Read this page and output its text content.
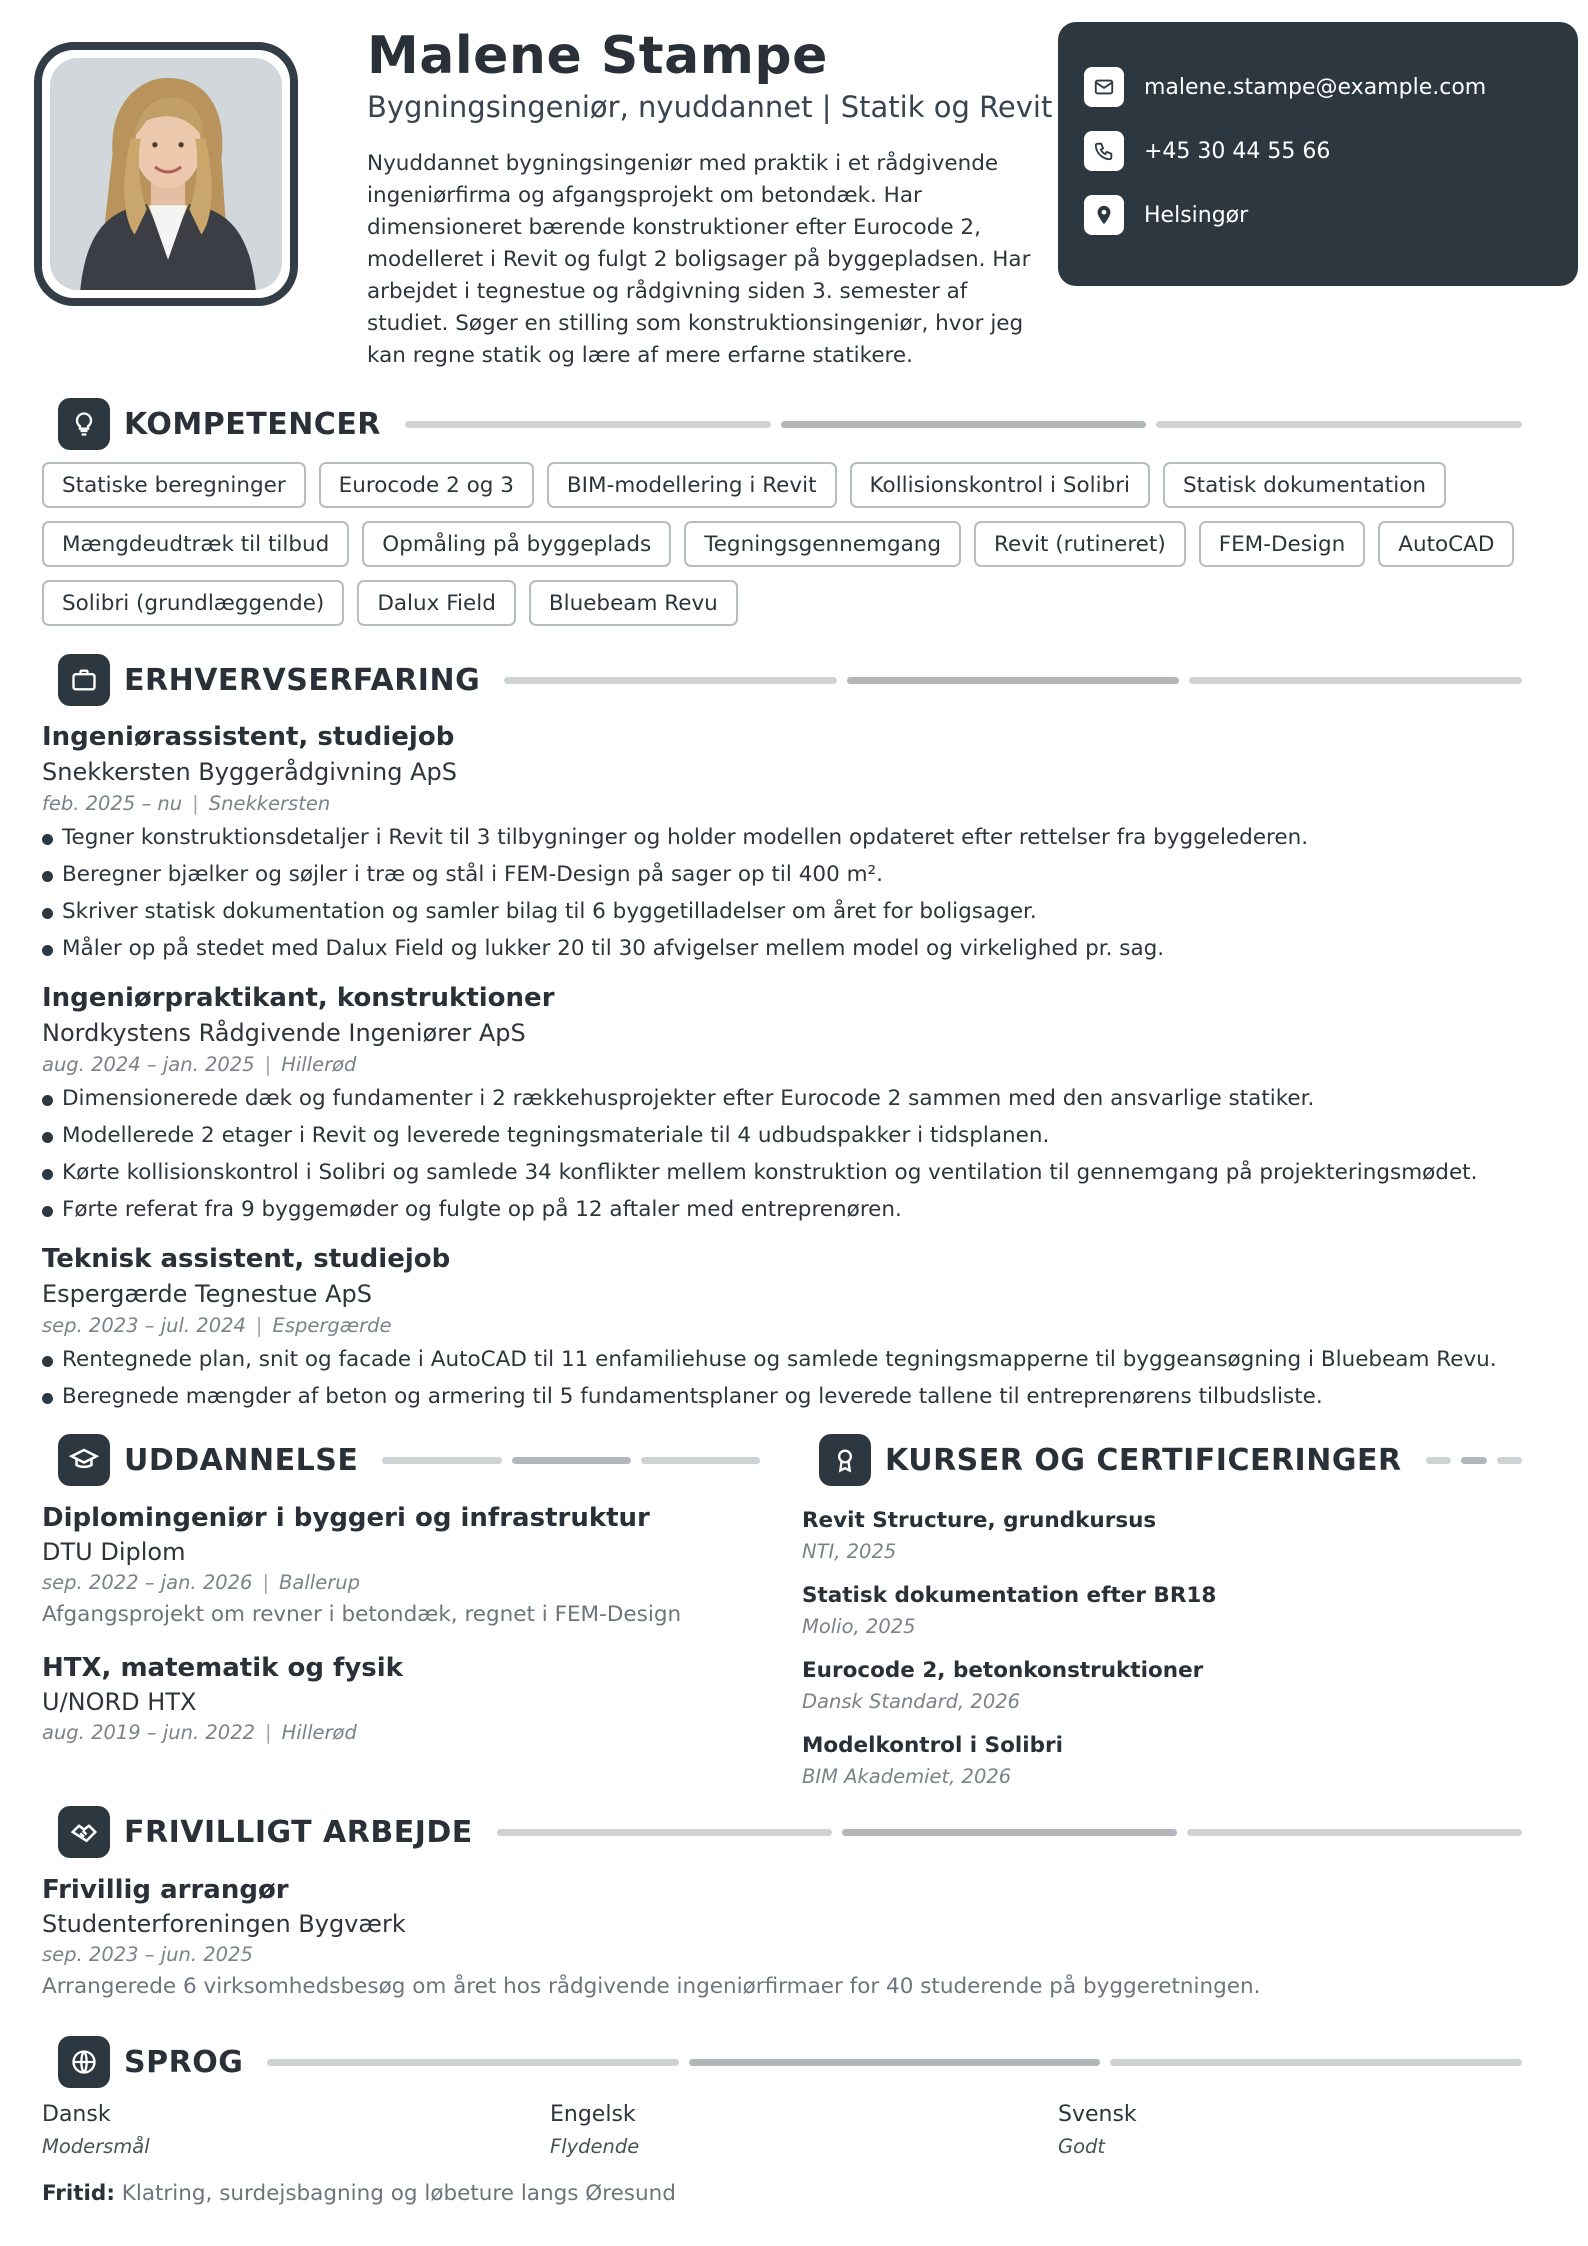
Malene Stampe
Bygningsingeniør, nyuddannet | Statik og Revit
Nyuddannet bygningsingeniør med praktik i et rådgivende ingeniørfirma og afgangsprojekt om betondæk. Har dimensioneret bærende konstruktioner efter Eurocode 2, modelleret i Revit og fulgt 2 boligsager på byggepladsen. Har arbejdet i tegnestue og rådgivning siden 3. semester af studiet. Søger en stilling som konstruktionsingeniør, hvor jeg kan regne statik og lære af mere erfarne statikere.
malene.stampe@example.com
+45 30 44 55 66
Helsingør
KOMPETENCER
Statiske beregninger	Eurocode 2 og 3	BIM-modellering i Revit	Kollisionskontrol i Solibri	Statisk dokumentation
Mængdeudtræk til tilbud	Opmåling på byggeplads	Tegningsgennemgang	Revit (rutineret)	FEM-Design	AutoCAD
Solibri (grundlæggende)	Dalux Field	Bluebeam Revu
ERHVERVSERFARING
Ingeniørassistent, studiejob
Snekkersten Byggerådgivning ApS
feb. 2025 – nu | Snekkersten
Tegner konstruktionsdetaljer i Revit til 3 tilbygninger og holder modellen opdateret efter rettelser fra byggelederen.
Beregner bjælker og søjler i træ og stål i FEM-Design på sager op til 400 m².
Skriver statisk dokumentation og samler bilag til 6 byggetilladelser om året for boligsager.
Måler op på stedet med Dalux Field og lukker 20 til 30 afvigelser mellem model og virkelighed pr. sag.
Ingeniørpraktikant, konstruktioner
Nordkystens Rådgivende Ingeniører ApS
aug. 2024 – jan. 2025 | Hillerød
Dimensionerede dæk og fundamenter i 2 rækkehusprojekter efter Eurocode 2 sammen med den ansvarlige statiker.
Modellerede 2 etager i Revit og leverede tegningsmateriale til 4 udbudspakker i tidsplanen.
Kørte kollisionskontrol i Solibri og samlede 34 konflikter mellem konstruktion og ventilation til gennemgang på projekteringsmødet.
Førte referat fra 9 byggemøder og fulgte op på 12 aftaler med entreprenøren.
Teknisk assistent, studiejob
Espergærde Tegnestue ApS
sep. 2023 – jul. 2024 | Espergærde
Rentegnede plan, snit og facade i AutoCAD til 11 enfamiliehuse og samlede tegningsmapperne til byggeansøgning i Bluebeam Revu.
Beregnede mængder af beton og armering til 5 fundamentsplaner og leverede tallene til entreprenørens tilbudsliste.
UDDANNELSE
Diplomingeniør i byggeri og infrastruktur
DTU Diplom
sep. 2022 – jan. 2026 | Ballerup
Afgangsprojekt om revner i betondæk, regnet i FEM-Design
HTX, matematik og fysik
U/NORD HTX
aug. 2019 – jun. 2022 | Hillerød
KURSER OG CERTIFICERINGER
Revit Structure, grundkursus
NTI, 2025
Statisk dokumentation efter BR18
Molio, 2025
Eurocode 2, betonkonstruktioner
Dansk Standard, 2026
Modelkontrol i Solibri
BIM Akademiet, 2026
FRIVILLIGT ARBEJDE
Frivillig arrangør
Studenterforeningen Bygværk
sep. 2023 – jun. 2025
Arrangerede 6 virksomhedsbesøg om året hos rådgivende ingeniørfirmaer for 40 studerende på byggeretningen.
SPROG
Dansk
Modersmål
Engelsk
Flydende
Svensk
Godt
Fritid: Klatring, surdejsbagning og løbeture langs Øresund
